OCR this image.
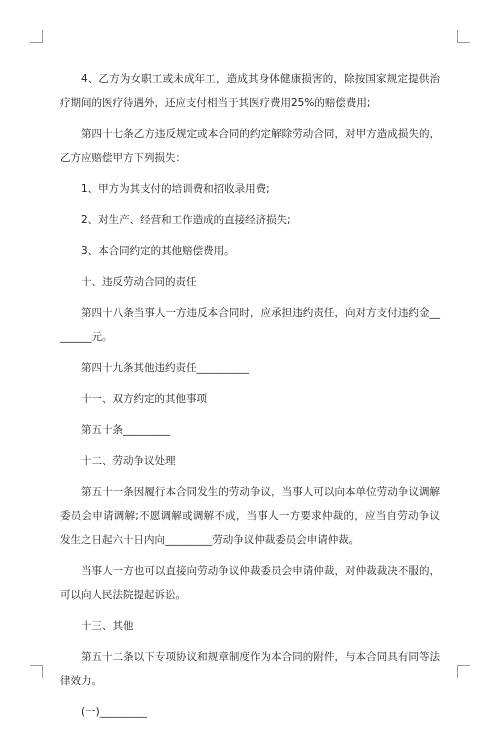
4、乙方为女职工或未成年工，造成其身体健康损害的，除按国家规定提供治疗期间的医疗待遇外，还应支付相当于其医疗费用25%的赔偿费用;

第四十七条乙方违反规定或本合同的约定解除劳动合同，对甲方造成损失的，乙方应赔偿甲方下列损失：

1、甲方为其支付的培训费和招收录用费;

2、对生产、经营和工作造成的直接经济损失;

3、本合同约定的其他赔偿费用。

十、违反劳动合同的责任

第四十八条当事人一方违反本合同时，应承担违约责任，向对方支付违约金________元。

第四十九条其他违约责任__________

十一、双方约定的其他事项

第五十条_________

十二、劳动争议处理

第五十一条因履行本合同发生的劳动争议，当事人可以向本单位劳动争议调解委员会申请调解;不愿调解或调解不成，当事人一方要求仲裁的，应当自劳动争议发生之日起六十日内向_________劳动争议仲裁委员会申请仲裁。

当事人一方也可以直接向劳动争议仲裁委员会申请仲裁，对仲裁裁决不服的，可以向人民法院提起诉讼。

十三、其他

第五十二条以下专项协议和规章制度作为本合同的附件，与本合同具有同等法律效力。

(一)_________
